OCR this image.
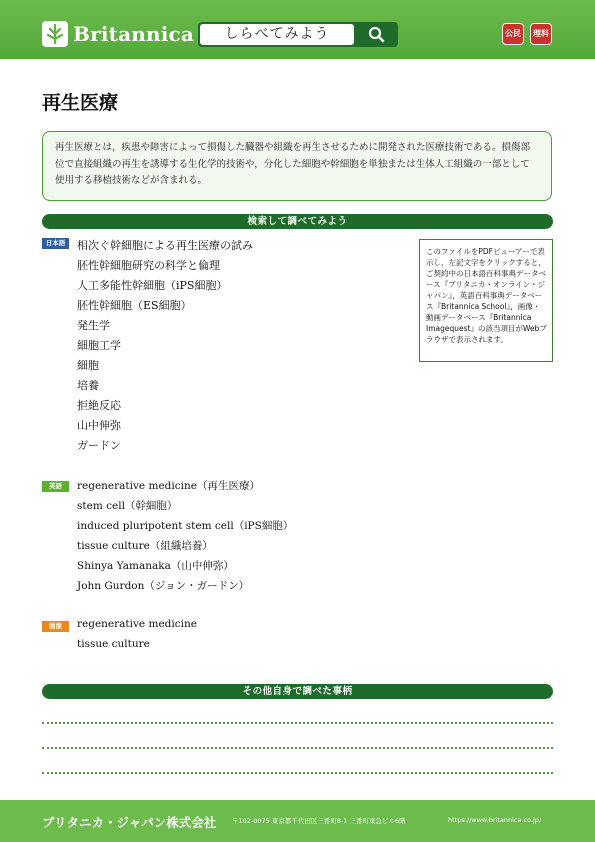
Britannica	しらべてみよう	公民	理科
再生医療
再生医療とは，疾患や障害によって損傷した臓器や組織を再生させるために開発された医療技術である。損傷部位で直接組織の再生を誘導する生化学的技術や，分化した細胞や幹細胞を単独または生体人工組織の一部として使用する移植技術などが含まれる。
検索して調べてみよう
日本語	相次ぐ幹細胞による再生医療の試み
胚性幹細胞研究の科学と倫理
人工多能性幹細胞（iPS細胞）
胚性幹細胞（ES細胞）
発生学
細胞工学
細胞
培養
拒絶反応
山中伸弥
ガードン
このファイルをPDFビューアーで表示し，左記文字をクリックすると，ご契約中の日本語百科事典データベース『ブリタニカ・オンライン・ジャパン』，英語百科事典データベース『Britannica School』，画像・動画データベース『Britannica Imagequest』の該当項目がWebブラウザで表示されます。
英語	regenerative medicine（再生医療）
stem cell（幹細胞）
induced pluripotent stem cell（iPS細胞）
tissue culture（組織培養）
Shinya Yamanaka（山中伸弥）
John Gurdon（ジョン・ガードン）
画像	regenerative medicine
tissue culture
その他自身で調べた事柄
ブリタニカ・ジャパン株式会社 〒102-0075 東京都千代田区三番町8-1 三番町東急ビル6階	https://www.britannica.co.jp/
